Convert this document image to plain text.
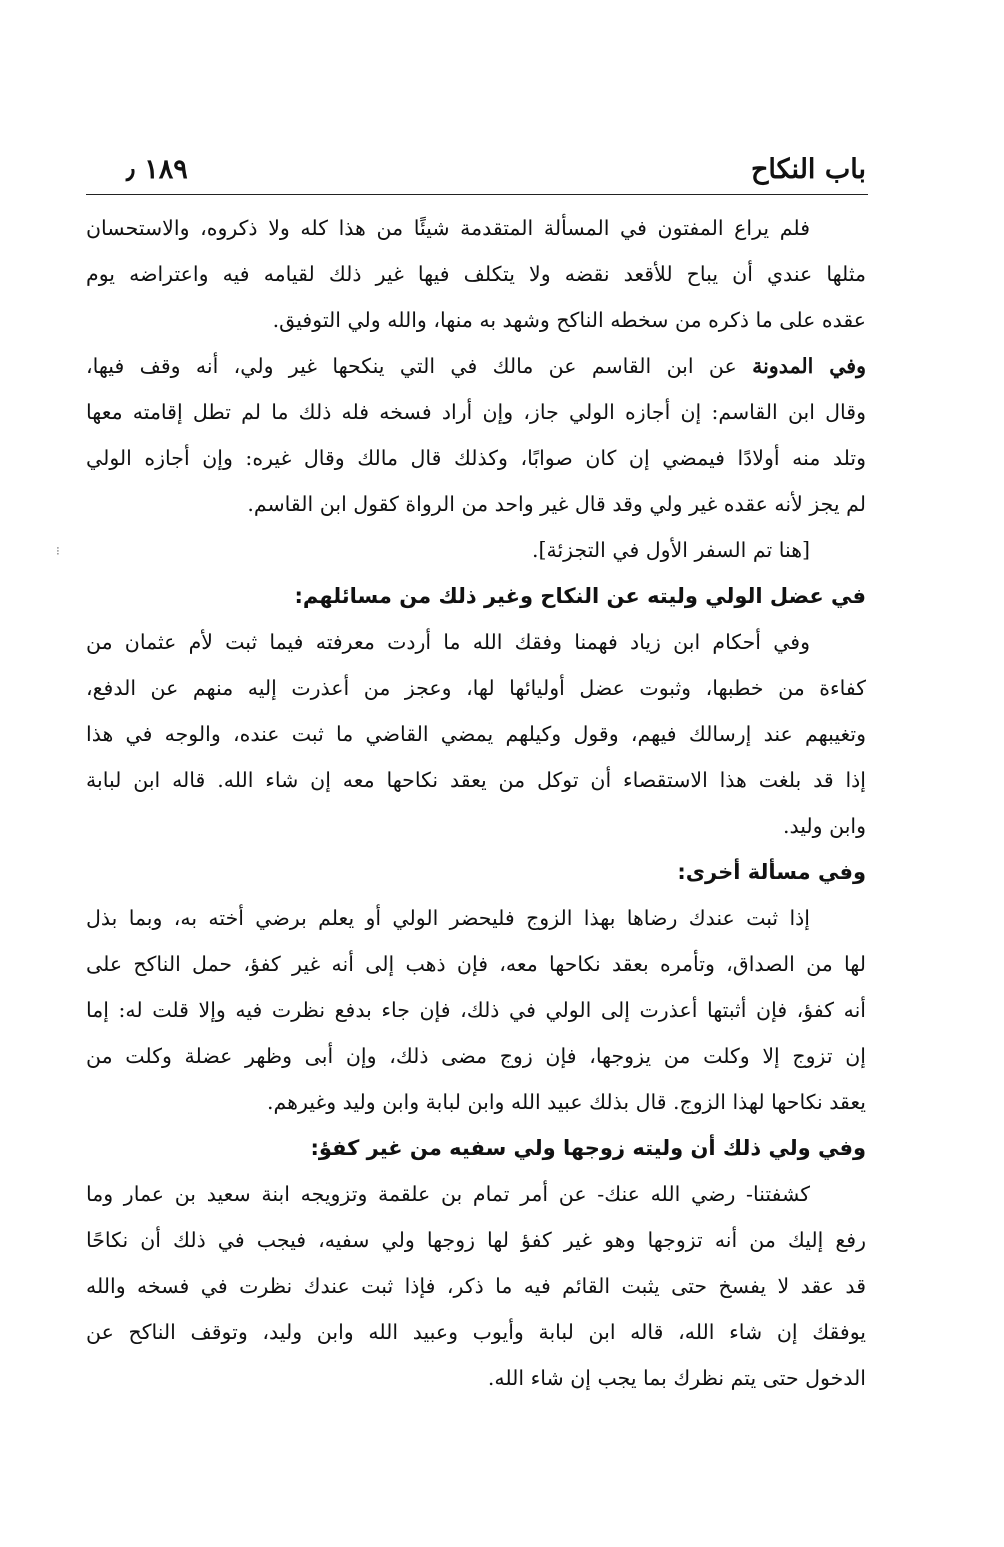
باب النكاح
١٨٩ ٫
⁝
فلم يراع المفتون في المسألة المتقدمة شيئًا من هذا كله ولا ذكروه، والاستحسان
مثلها عندي أن يباح للأقعد نقضه ولا يتكلف فيها غير ذلك لقيامه فيه واعتراضه يوم
عقده على ما ذكره من سخطه الناكح وشهد به منها، والله ولي التوفيق.
وفي المدونة عن ابن القاسم عن مالك في التي ينكحها غير ولي، أنه وقف فيها،
وقال ابن القاسم: إن أجازه الولي جاز، وإن أراد فسخه فله ذلك ما لم تطل إقامته معها
وتلد منه أولادًا فيمضي إن كان صوابًا، وكذلك قال مالك وقال غيره: وإن أجازه الولي
لم يجز لأنه عقده غير ولي وقد قال غير واحد من الرواة كقول ابن القاسم.
[هنا تم السفر الأول في التجزئة].
في عضل الولي وليته عن النكاح وغير ذلك من مسائلهم:
وفي أحكام ابن زياد فهمنا وفقك الله ما أردت معرفته فيما ثبت لأم عثمان من
كفاءة من خطبها، وثبوت عضل أوليائها لها، وعجز من أعذرت إليه منهم عن الدفع،
وتغيبهم عند إرسالك فيهم، وقول وكيلهم يمضي القاضي ما ثبت عنده، والوجه في هذا
إذا قد بلغت هذا الاستقصاء أن توكل من يعقد نكاحها معه إن شاء الله. قاله ابن لبابة
وابن وليد.
وفي مسألة أخرى:
إذا ثبت عندك رضاها بهذا الزوج فليحضر الولي أو يعلم برضي أخته به، وبما بذل
لها من الصداق، وتأمره بعقد نكاحها معه، فإن ذهب إلى أنه غير كفؤ، حمل الناكح على
أنه كفؤ، فإن أثبتها أعذرت إلى الولي في ذلك، فإن جاء بدفع نظرت فيه وإلا قلت له: إما
إن تزوج إلا وكلت من يزوجها، فإن زوج مضى ذلك، وإن أبى وظهر عضلة وكلت من
يعقد نكاحها لهذا الزوج. قال بذلك عبيد الله وابن لبابة وابن وليد وغيرهم.
وفي ولي ذلك أن وليته زوجها ولي سفيه من غير كفؤ:
كشفتنا- رضي الله عنك- عن أمر تمام بن علقمة وتزويجه ابنة سعيد بن عمار وما
رفع إليك من أنه تزوجها وهو غير كفؤ لها زوجها ولي سفيه، فيجب في ذلك أن نكاحًا
قد عقد لا يفسخ حتى يثبت القائم فيه ما ذكر، فإذا ثبت عندك نظرت في فسخه والله
يوفقك إن شاء الله، قاله ابن لبابة وأيوب وعبيد الله وابن وليد، وتوقف الناكح عن
الدخول حتى يتم نظرك بما يجب إن شاء الله.
